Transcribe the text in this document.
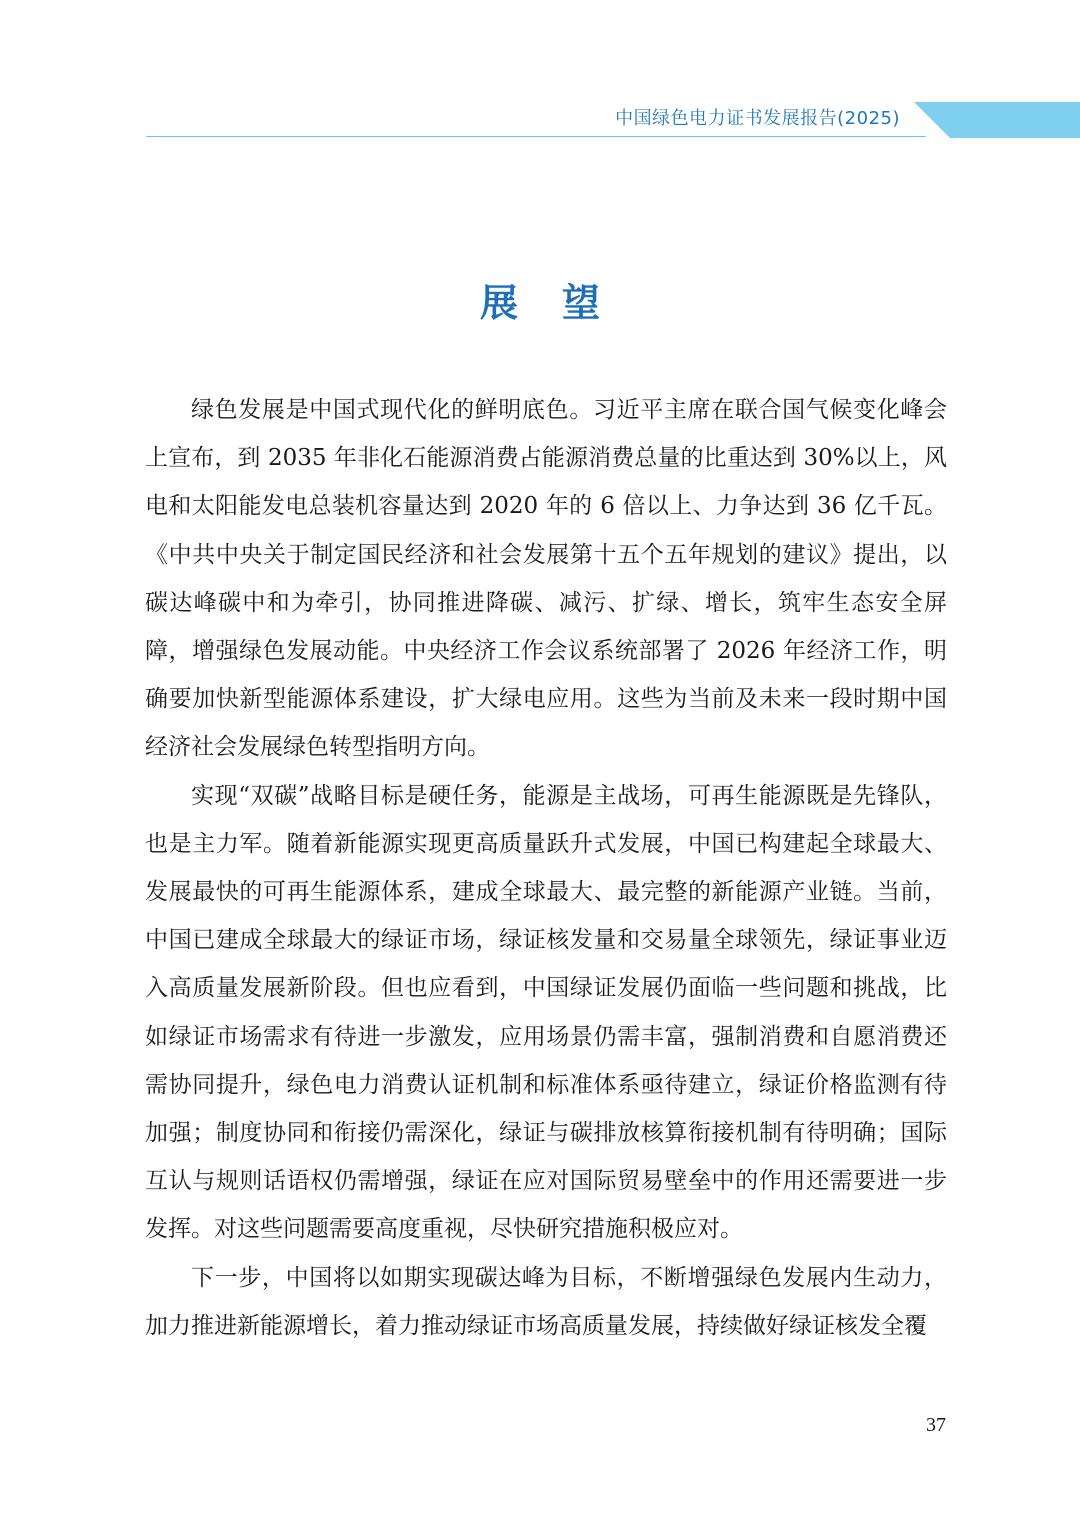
中国绿色电力证书发展报告(2025)
展望

绿色发展是中国式现代化的鲜明底色。习近平主席在联合国气候变化峰会上宣布，到 2035 年非化石能源消费占能源消费总量的比重达到 30%以上，风电和太阳能发电总装机容量达到 2020 年的 6 倍以上、力争达到 36 亿千瓦。《中共中央关于制定国民经济和社会发展第十五个五年规划的建议》提出，以碳达峰碳中和为牵引，协同推进降碳、减污、扩绿、增长，筑牢生态安全屏障，增强绿色发展动能。中央经济工作会议系统部署了 2026 年经济工作，明确要加快新型能源体系建设，扩大绿电应用。这些为当前及未来一段时期中国经济社会发展绿色转型指明方向。

实现“双碳”战略目标是硬任务，能源是主战场，可再生能源既是先锋队，也是主力军。随着新能源实现更高质量跃升式发展，中国已构建起全球最大、发展最快的可再生能源体系，建成全球最大、最完整的新能源产业链。当前，中国已建成全球最大的绿证市场，绿证核发量和交易量全球领先，绿证事业迈入高质量发展新阶段。但也应看到，中国绿证发展仍面临一些问题和挑战，比如绿证市场需求有待进一步激发，应用场景仍需丰富，强制消费和自愿消费还需协同提升，绿色电力消费认证机制和标准体系亟待建立，绿证价格监测有待加强；制度协同和衔接仍需深化，绿证与碳排放核算衔接机制有待明确；国际互认与规则话语权仍需增强，绿证在应对国际贸易壁垒中的作用还需要进一步发挥。对这些问题需要高度重视，尽快研究措施积极应对。

下一步，中国将以如期实现碳达峰为目标，不断增强绿色发展内生动力，加力推进新能源增长，着力推动绿证市场高质量发展，持续做好绿证核发全覆

37
